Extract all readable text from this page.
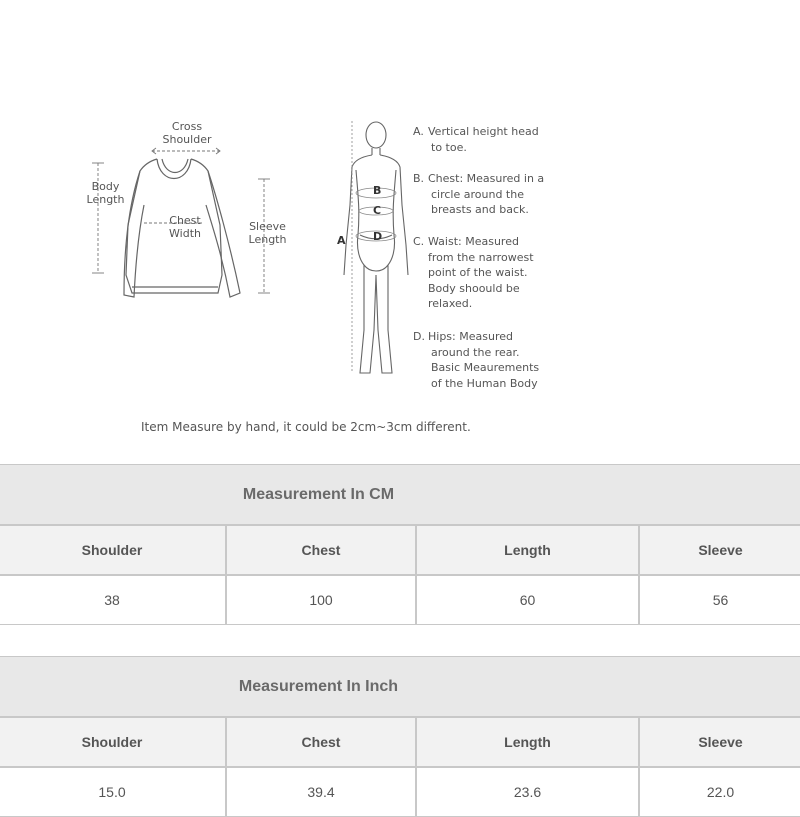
Cross
Shoulder
Body
Length
Chest
Width
Sleeve
Length	A
B
C
D
A. Vertical height head
to toe.
B. Chest: Measured in a
circle around the
breasts and back.
C. Waist: Measured
from the narrowest
point of the waist.
Body shoould be
relaxed.
D. Hips: Measured
around the rear.
Basic Meaurements
of the Human Body
Item Measure by hand, it could be 2cm~3cm different.
Measurement In CM			
Shoulder	Chest	Length	Sleeve
38	100	60	56
Measurement In Inch			
Shoulder	Chest	Length	Sleeve
15.0	39.4	23.6	22.0
